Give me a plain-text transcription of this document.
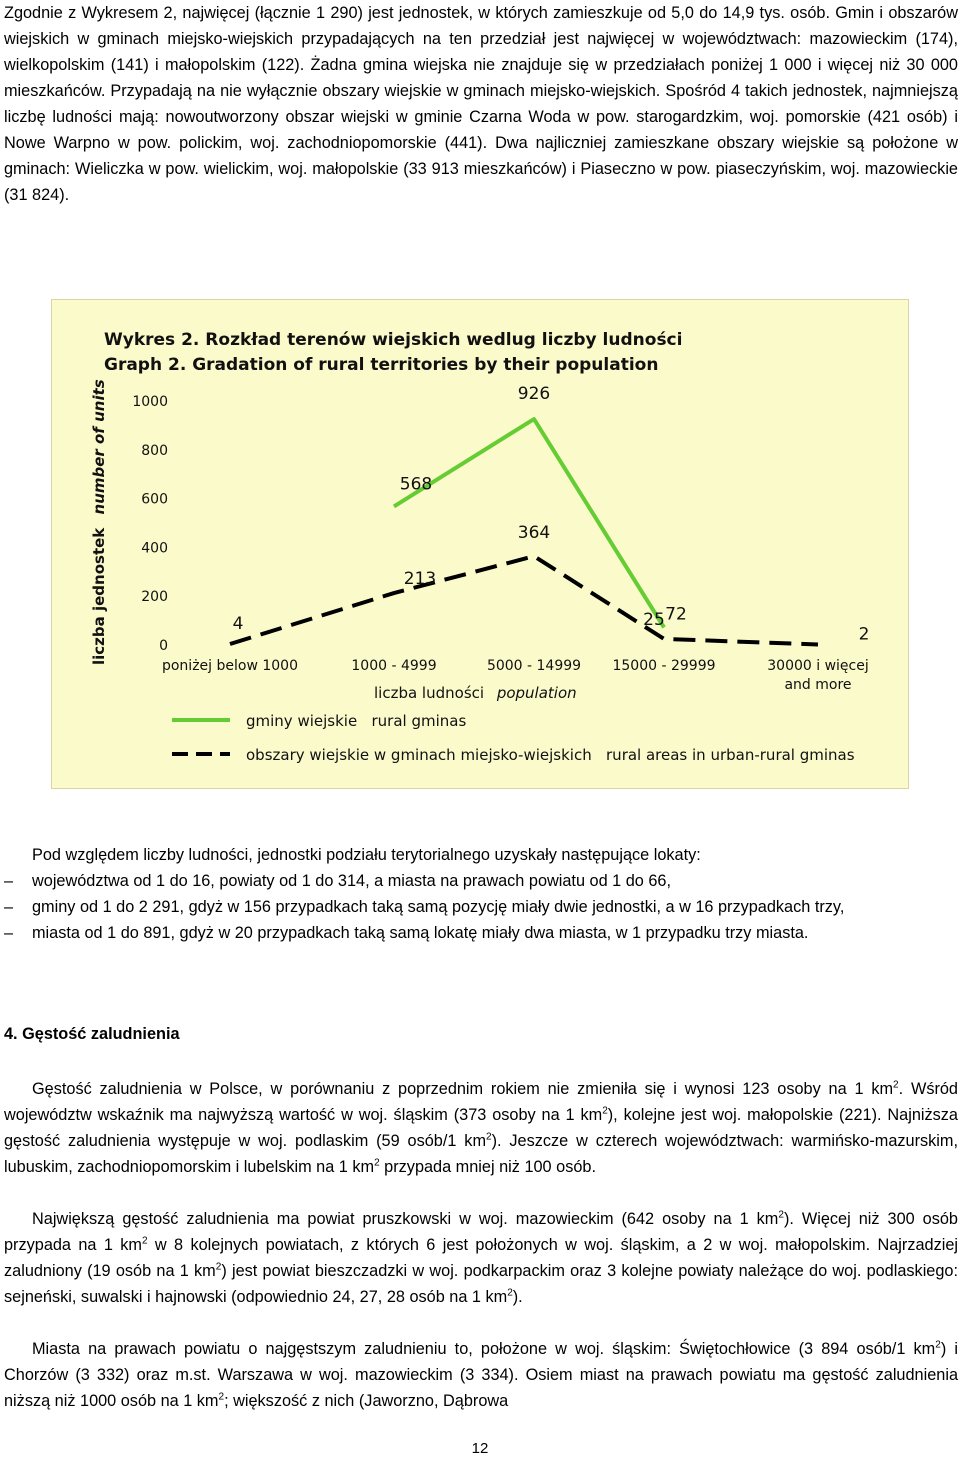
Zgodnie z Wykresem 2, najwięcej (łącznie 1 290) jest jednostek, w których zamieszkuje od 5,0 do 14,9 tys. osób. Gmin i obszarów wiejskich w gminach miejsko-wiejskich przypadających na ten przedział jest najwięcej w województwach: mazowieckim (174), wielkopolskim (141) i małopolskim (122). Żadna gmina wiejska nie znajduje się w przedziałach poniżej 1 000 i więcej niż 30 000 mieszkańców. Przypadają na nie wyłącznie obszary wiejskie w gminach miejsko-wiejskich. Spośród 4 takich jednostek, najmniejszą liczbę ludności mają: nowoutworzony obszar wiejski w gminie Czarna Woda w pow. starogardzkim, woj. pomorskie (421 osób) i Nowe Warpno w pow. polickim, woj. zachodniopomorskie (441). Dwa najliczniej zamieszkane obszary wiejskie są położone w gminach: Wieliczka w pow. wielickim, woj. małopolskie (33 913 mieszkańców) i Piaseczno w pow. piaseczyńskim, woj. mazowieckie (31 824).

Wykres 2. Rozkład terenów wiejskich wedlug liczby ludności
Graph 2. Gradation of rural territories by their population
liczba jednostek number of units
0
200
400
600
800
1000
poniżej below 1000	1000 - 4999	5000 - 14999 15000 - 29999	30000 i więcej and more
568
926
72
4
213
364
25
2
liczba ludności population
gminy wiejskie   rural gminas
obszary wiejskie w gminach miejsko-wiejskich   rural areas in urban-rural gminas

Pod względem liczby ludności, jednostki podziału terytorialnego uzyskały następujące lokaty:

– województwa od 1 do 16, powiaty od 1 do 314, a miasta na prawach powiatu od 1 do 66,
– gminy od 1 do 2 291, gdyż w 156 przypadkach taką samą pozycję miały dwie jednostki, a w 16 przypadkach trzy,
– miasta od 1 do 891, gdyż w 20 przypadkach taką samą lokatę miały dwa miasta, w 1 przypadku trzy miasta.

4. Gęstość zaludnienia

Gęstość zaludnienia w Polsce, w porównaniu z poprzednim rokiem nie zmieniła się i wynosi 123 osoby na 1 $km^2$. Wśród województw wskaźnik ma najwyższą wartość w woj. śląskim (373 osoby na 1 $km^2$), kolejne jest woj. małopolskie (221). Najniższa gęstość zaludnienia występuje w woj. podlaskim (59 osób/1 $km^2$). Jeszcze w czterech województwach: warmińsko-mazurskim, lubuskim, zachodniopomorskim i lubelskim na 1 $km^2$ przypada mniej niż 100 osób.

Największą gęstość zaludnienia ma powiat pruszkowski w woj. mazowieckim (642 osoby na 1 $km^2$). Więcej niż 300 osób przypada na 1 $km^2$ w 8 kolejnych powiatach, z których 6 jest położonych w woj. śląskim, a 2 w woj. małopolskim. Najrzadziej zaludniony (19 osób na 1 $km^2$) jest powiat bieszczadzki w woj. podkarpackim oraz 3 kolejne powiaty należące do woj. podlaskiego: sejneński, suwalski i hajnowski (odpowiednio 24, 27, 28 osób na 1 $km^2$).

Miasta na prawach powiatu o najgęstszym zaludnieniu to, położone w woj. śląskim: Świętochłowice (3 894 osób/1 $km^2$) i Chorzów (3 332) oraz m.st. Warszawa w woj. mazowieckim (3 334). Osiem miast na prawach powiatu ma gęstość zaludnienia niższą niż 1000 osób na 1 $km^2$; większość z nich (Jaworzno, Dąbrowa

12
